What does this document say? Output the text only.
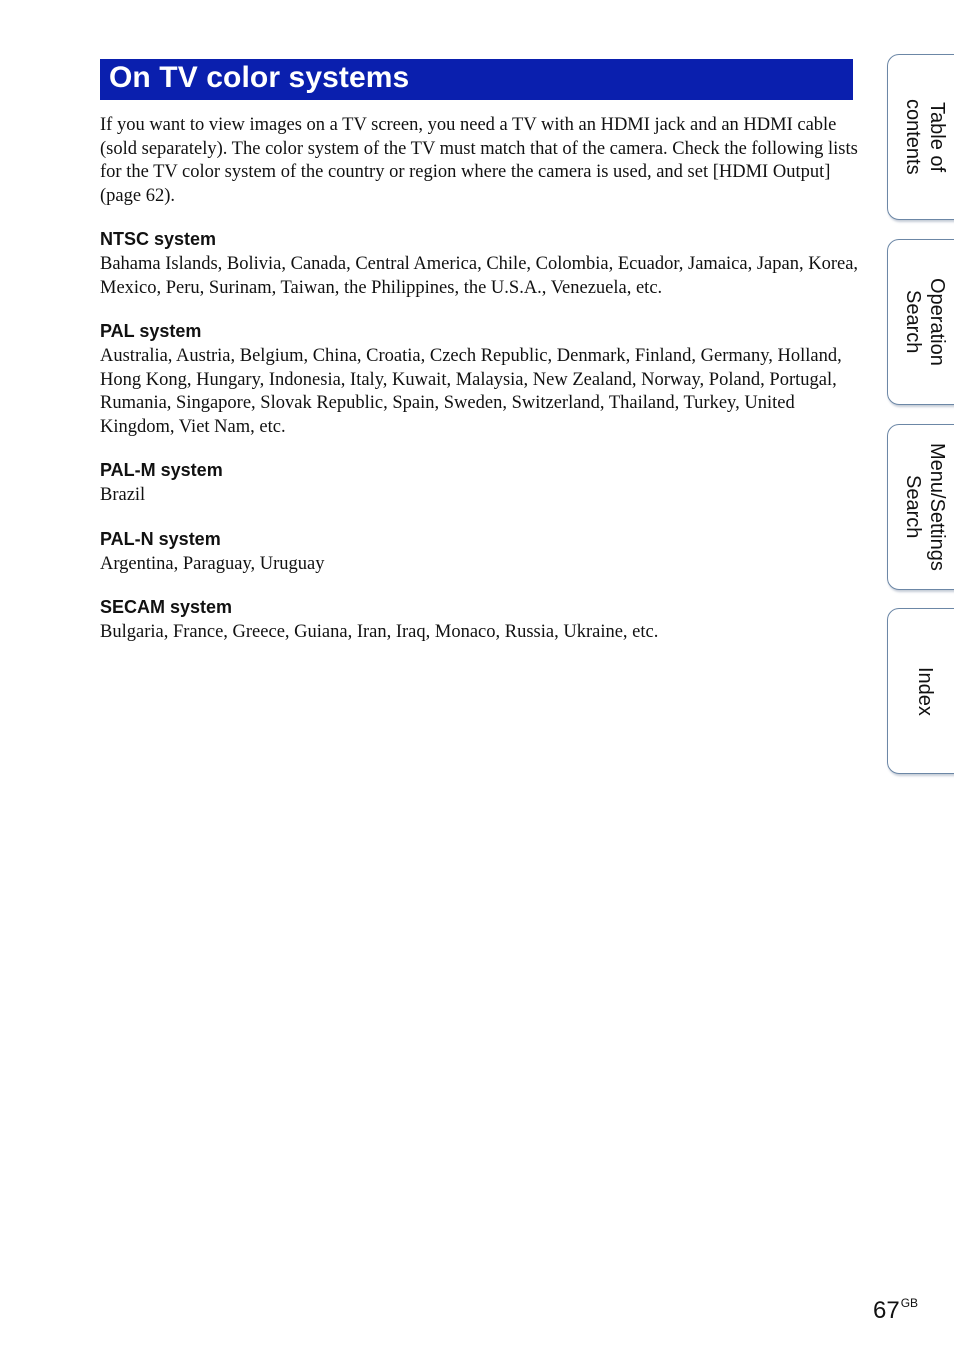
On TV color systems

If you want to view images on a TV screen, you need a TV with an HDMI jack and an HDMI cable (sold separately). The color system of the TV must match that of the camera. Check the following lists for the TV color system of the country or region where the camera is used, and set [HDMI Output] (page 62).

NTSC system

Bahama Islands, Bolivia, Canada, Central America, Chile, Colombia, Ecuador, Jamaica, Japan, Korea, Mexico, Peru, Surinam, Taiwan, the Philippines, the U.S.A., Venezuela, etc.

PAL system

Australia, Austria, Belgium, China, Croatia, Czech Republic, Denmark, Finland, Germany, Holland, Hong Kong, Hungary, Indonesia, Italy, Kuwait, Malaysia, New Zealand, Norway, Poland, Portugal, Rumania, Singapore, Slovak Republic, Spain, Sweden, Switzerland, Thailand, Turkey, United Kingdom, Viet Nam, etc.

PAL-M system

Brazil

PAL-N system

Argentina, Paraguay, Uruguay

SECAM system

Bulgaria, France, Greece, Guiana, Iran, Iraq, Monaco, Russia, Ukraine, etc.

Table of
contents
Operation
Search
Menu/Settings
Search
Index
$67^{GB}$
